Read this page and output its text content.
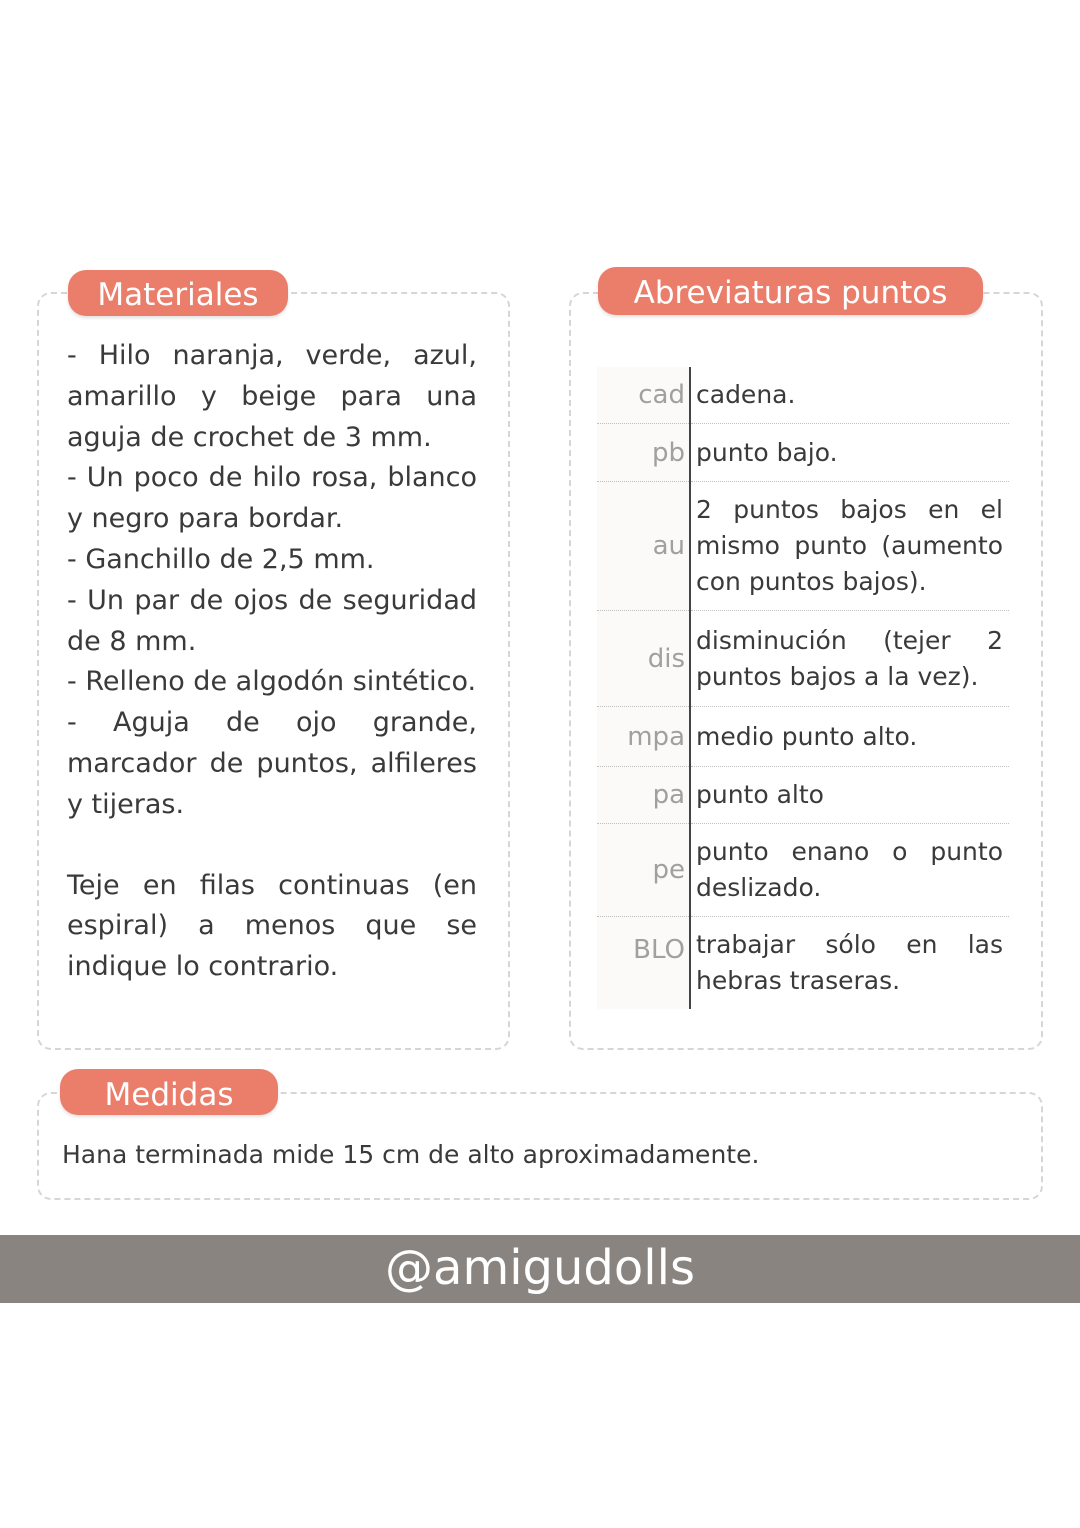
Materiales

- Hilo naranja, verde, azul, amarillo y beige para una aguja de crochet de 3 mm.

- Un poco de hilo rosa, blanco y negro para bordar.

- Ganchillo de 2,5 mm.

- Un par de ojos de seguridad de 8 mm.

- Relleno de algodón sintético.

- Aguja de ojo grande, marcador de puntos, alfileres y tijeras.

Teje en filas continuas (en espiral) a menos que se indique lo contrario.

Abreviaturas puntos
cad	cadena.
pb	punto bajo.
au	2 puntos bajos en el mismo punto (aumento con puntos bajos).
dis	disminución (tejer 2 puntos bajos a la vez).
mpa	medio punto alto.
pa	punto alto
pe	punto enano o punto deslizado.
BLO	trabajar sólo en las hebras traseras.
Medidas
Hana terminada mide 15 cm de alto aproximadamente.
@amigudolls
